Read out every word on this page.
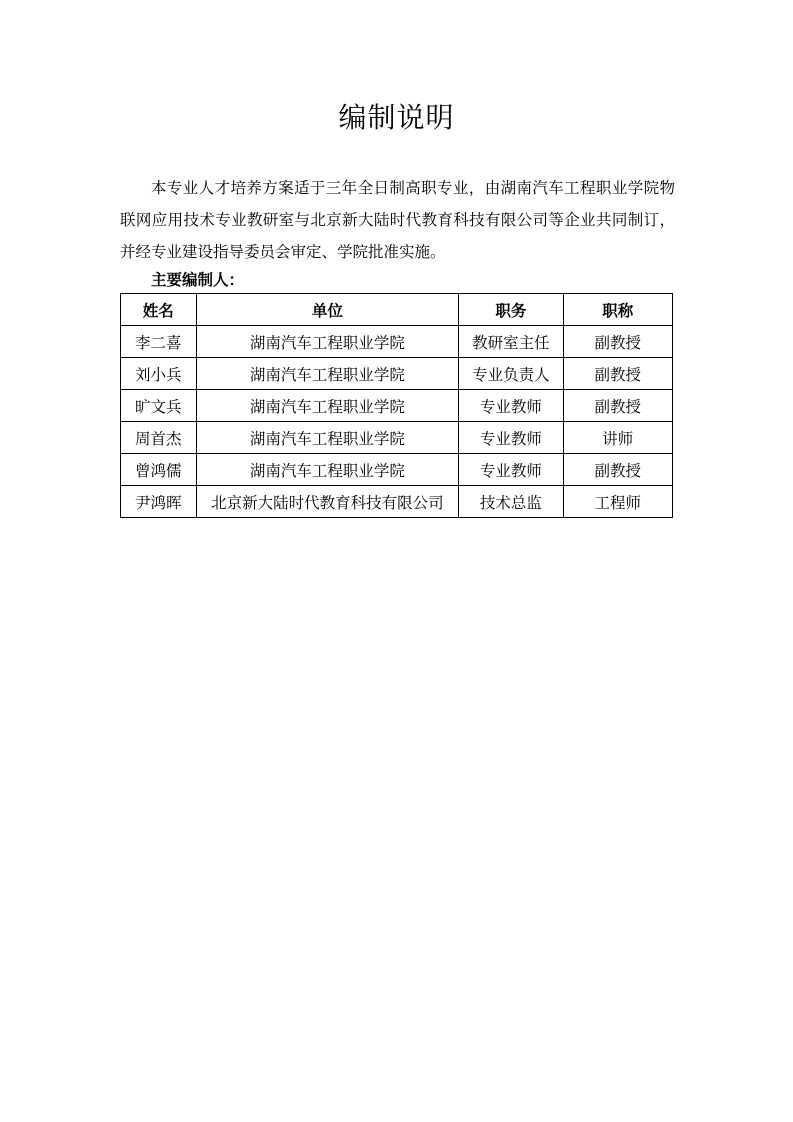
编制说明

本专业人才培养方案适于三年全日制高职专业，由湖南汽车工程职业学院物联网应用技术专业教研室与北京新大陆时代教育科技有限公司等企业共同制订，并经专业建设指导委员会审定、学院批准实施。

主要编制人：
姓名	单位	职务	职称
李二喜	湖南汽车工程职业学院	教研室主任	副教授
刘小兵	湖南汽车工程职业学院	专业负责人	副教授
旷文兵	湖南汽车工程职业学院	专业教师	副教授
周首杰	湖南汽车工程职业学院	专业教师	讲师
曾鸿儒	湖南汽车工程职业学院	专业教师	副教授
尹鸿晖	北京新大陆时代教育科技有限公司	技术总监	工程师
